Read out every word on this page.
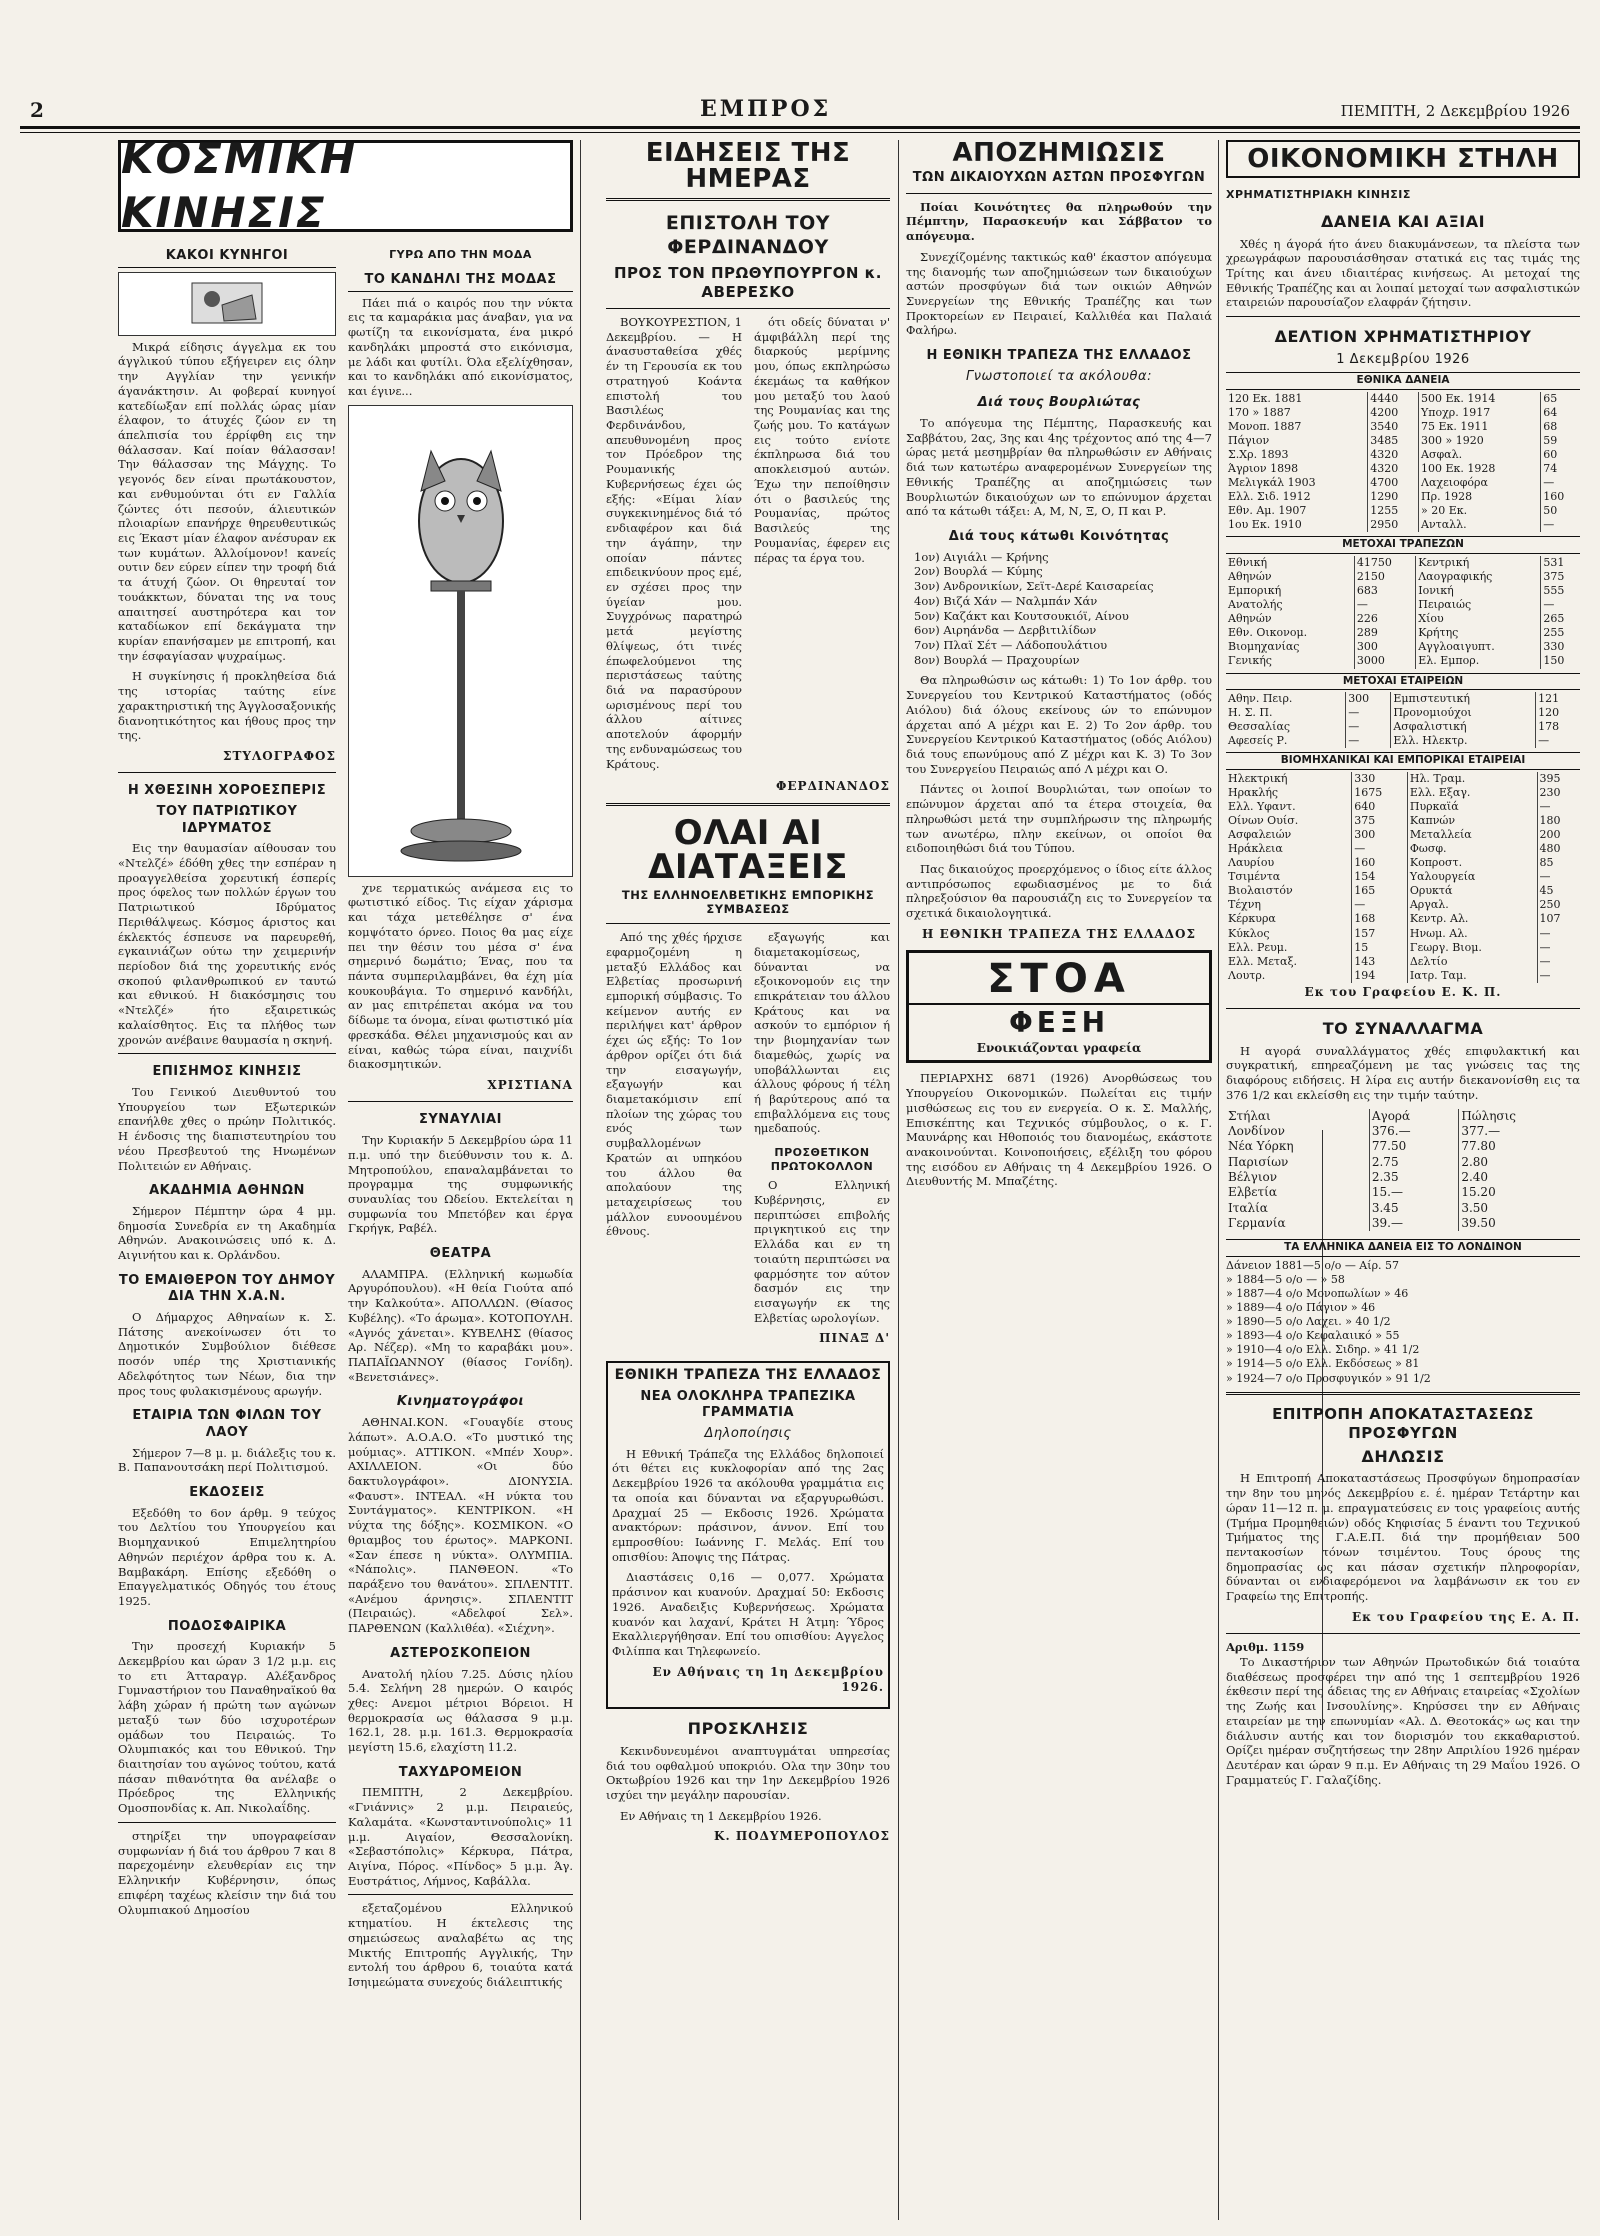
2	ΕΜΠΡΟΣ	ΠΕΜΠΤΗ, 2 Δεκεμβρίου 1926
ΚΟΣΜΙΚΗ ΚΙΝΗΣΙΣ
ΚΑΚΟΙ ΚΥΝΗΓΟΙ

Μικρά είδησις άγγελμα εκ του άγγλικού τύπου εξήγειρεν εις όλην την Αγγλίαν την γενικήν άγανάκτησιν. Αι φοβεραί κυνηγοί κατεδίωξαν επί πολλάς ώρας μίαν έλαφον, το άτυχές ζώον εν τη άπελπισία του έρρίφθη εις την θάλασσαν. Καί ποίαν θάλασσαν! Την θάλασσαν της Μάγχης. Το γεγονός δεν είναι πρωτάκουστον, και ενθυμούνται ότι εν Γαλλία ζώντες ότι πεσούν, άλιευτικών πλοιαρίων επανήρχε θηρευθευτικώς εις Έκαστ μίαν έλαφον ανέσυραν εκ των κυμάτων. Άλλοίμονον! κανείς ουτιν δεν εύρεν είπεν την τροφή διά τα άτυχή ζώον. Οι θηρευταί τον τουάκκτων, δύναται της να τους απαιτησεί αυστηρότερα και τον καταδίωκον επί δεκάγματα την κυρίαν επανήσαμεν με επιτροπή, και την έσφαγίασαν ψυχραίμως.

Η συγκίνησις ή προκληθείσα διά της ιστορίας ταύτης είνε χαρακτηριστική της Άγγλοσαξονικής διανοητικότητος και ήθους προς την της.

ΣΤΥΛΟΓΡΑΦΟΣ
Η ΧΘΕΣΙΝΗ ΧΟΡΟΕΣΠΕΡΙΣ
ΤΟΥ ΠΑΤΡΙΩΤΙΚΟΥ ΙΔΡΥΜΑΤΟΣ

Εις την θαυμασίαν αίθουσαν του «Ντελζέ» έδόθη χθες την εσπέραν η προαγγελθείσα χορευτική έσπερίς προς όφελος των πολλών έργων του Πατριωτικού Ιδρύματος Περιθάλψεως. Κόσμος άριστος και έκλεκτός έσπευσε να παρευρεθή, εγκαινιάζων ούτω την χειμερινήν περίοδον διά της χορευτικής ενός σκοπού φιλανθρωπικού εν ταυτώ και εθνικού. Η διακόσμησις του «Ντελζέ» ήτο εξαιρετικώς καλαίσθητος. Εις τα πλήθος των χρονών ανέβαινε θαυμασία η σκηνή.

ΕΠΙΣΗΜΟΣ ΚΙΝΗΣΙΣ

Του Γενικού Διευθυντού του Υπουργείου των Εξωτερικών επανήλθε χθες ο πρώην Πολιτικός. Η ένδοσις της διαπιστευτηρίου του νέου Πρεσβευτού της Ηνωμένων Πολιτειών εν Αθήναις.

ΑΚΑΔΗΜΙΑ ΑΘΗΝΩΝ

Σήμερον Πέμπτην ώρα 4 μμ. δημοσία Συνεδρία εν τη Ακαδημία Αθηνών. Ανακοινώσεις υπό κ. Δ. Αιγινήτου και κ. Ορλάνδου.

ΤΟ ΕΜΑΙΘΕΡΟΝ ΤΟΥ ΔΗΜΟΥ ΔΙΑ ΤΗΝ Χ.Α.Ν.

Ο Δήμαρχος Αθηναίων κ. Σ. Πάτσης ανεκοίνωσεν ότι το Δημοτικόν Συμβούλιον διέθεσε ποσόν υπέρ της Χριστιανικής Αδελφότητος των Νέων, δια την προς τους φυλακισμένους αρωγήν.

ΕΤΑΙΡΙΑ ΤΩΝ ΦΙΛΩΝ ΤΟΥ ΛΑΟΥ

Σήμερον 7—8 μ. μ. διάλεξις του κ. Β. Παπανουτσάκη περί Πολιτισμού.

ΕΚΔΟΣΕΙΣ

Εξεδόθη το 6ον άρθμ. 9 τεύχος του Δελτίου του Υπουργείου και Βιομηχανικού Επιμελητηρίου Αθηνών περιέχον άρθρα του κ. Α. Βαμβακάρη. Επίσης εξεδόθη ο Επαγγελματικός Οδηγός του έτους 1925.

ΠΟΔΟΣΦΑΙΡΙΚΑ

Την προσεχή Κυριακήν 5 Δεκεμβρίου και ώραν 3 1/2 μ.μ. εις το ετι Άτταραγρ. Αλέξανδρος Γυμναστήριον του Παναθηναϊκού θα λάβη χώραν ή πρώτη των αγώνων μεταξύ των δύο ισχυροτέρων ομάδων του Πειραιώς. Το Ολυμπιακός και του Εθνικού. Την διαιτησίαν του αγώνος τούτου, κατά πάσαν πιθανότητα θα ανέλαβε ο Πρόεδρος της Ελληνικής Ομοσπονδίας κ. Απ. Νικολαΐδης.

στηρίξει την υπογραφείσαν συμφωνίαν ή διά του άρθρου 7 και 8 παρεχομένην ελευθερίαν εις την Ελληνικήν Κυβέρνησιν, όπως επιφέρη ταχέως κλείσιν την διά του Ολυμπιακού Δημοσίου

ΓΥΡΩ ΑΠΟ ΤΗΝ ΜΟΔΑ
ΤΟ ΚΑΝΔΗΛΙ ΤΗΣ ΜΟΔΑΣ

Πάει πιά ο καιρός που την νύκτα εις τα καμαράκια μας άναβαν, για να φωτίζη τα εικονίσματα, ένα μικρό κανδηλάκι μπροστά στο εικόνισμα, με λάδι και φυτίλι. Όλα εξελίχθησαν, και το κανδηλάκι από εικονίσματος, και έγινε...

χνε τερματικώς ανάμεσα εις το φωτιστικό είδος. Τις είχαν χάρισμα και τάχα μετεθέλησε σ' ένα κομψότατο όρνεο. Ποιος θα μας είχε πει την θέσιν του μέσα σ' ένα σημερινό δωμάτιο; Ένας, που τα πάντα συμπεριλαμβάνει, θα έχη μία κουκουβάγια. Το σημερινό κανδήλι, αν μας επιτρέπεται ακόμα να του δίδωμε τα όνομα, είναι φωτιστικό μία φρεσκάδα. Θέλει μηχανισμούς και αν είναι, καθώς τώρα είναι, παιχνίδι διακοσμητικών.

ΧΡΙΣΤΙΑΝΑ
ΣΥΝΑΥΛΙΑΙ

Την Κυριακήν 5 Δεκεμβρίου ώρα 11 π.μ. υπό την διεύθυνσιν του κ. Δ. Μητροπούλου, επαναλαμβάνεται το προγραμμα της συμφωνικής συναυλίας του Ωδείου. Εκτελείται η συμφωνία του Μπετόβεν και έργα Γκρήγκ, Ραβέλ.

ΘΕΑΤΡΑ

ΑΛΑΜΠΡΑ. (Ελληνική κωμωδία Αργυρόπουλου). «Η θεία Γιούτα από την Καλκούτα». ΑΠΟΛΛΩΝ. (Θίασος Κυβέλης). «Το άρωμα». ΚΟΤΟΠΟΥΛΗ. «Αγνός χάνεται». ΚΥΒΕΛΗΣ (θίασος Αρ. Νέζερ). «Μη το καραβάκι μου». ΠΑΠΑΪΩΑΝΝΟΥ (θίασος Γονίδη). «Βενετσιάνες».

Κινηματογράφοι

ΑΘΗΝΑΙ.ΚΟΝ. «Γουαγδίε στους λάπωτ». Α.Ο.Α.Ο. «Το μυστικό της μούμιας». ΑΤΤΙΚΟΝ. «Μπέν Χουρ». ΑΧΙΛΛΕΙΟΝ. «Οι δύο δακτυλογράφοι». ΔΙΟΝΥΣΙΑ. «Φαυστ». ΙΝΤΕΑΛ. «Η νύκτα του Συντάγματος». ΚΕΝΤΡΙΚΟΝ. «Η νύχτα της δόξης». ΚΟΣΜΙΚΟΝ. «Ο θριαμβος του έρωτος». ΜΑΡΚΟΝΙ. «Σαν έπεσε η νύκτα». ΟΛΥΜΠΙΑ. «Νάπολις». ΠΑΝΘΕΟΝ. «Το παράξενο του θανάτου». ΣΠΛΕΝΤΙΤ. «Ανέμου άρνησις». ΣΠΛΕΝΤΙΤ (Πειραιώς). «Αδελφοί Σελ». ΠΑΡΘΕΝΩΝ (Καλλιθέα). «Σιέχνη».

ΑΣΤΕΡΟΣΚΟΠΕΙΟΝ

Ανατολή ηλίου 7.25. Δύσις ηλίου 5.4. Σελήνη 28 ημερών. Ο καιρός χθες: Ανεμοι μέτριοι Βόρειοι. Η θερμοκρασία ως θάλασσα 9 μ.μ. 162.1, 28. μ.μ. 161.3. Θερμοκρασία μεγίστη 15.6, ελαχίστη 11.2.

ΤΑΧΥΔΡΟΜΕΙΟΝ

ΠΕΜΠΤΗ, 2 Δεκεμβρίου. «Γνιάννις» 2 μ.μ. Πειραιεύς, Καλαμάτα. «Κωνσταντινούπολις» 11 μ.μ. Αιγαίον, Θεσσαλονίκη. «Σεβαστόπολις» Κέρκυρα, Πάτρα, Αιγίνα, Πόρος. «Πίνδος» 5 μ.μ. Άγ. Ευστράτιος, Λήμνος, Καβάλλα.

εξεταζομένου Ελληνικού κτηματίου. Η έκτελεσις της σημειώσεως αναλαβέτω ας της Μικτής Επιτροπής Αγγλικής, Την εντολή του άρθρου 6, τοιαύτα κατά Ισηιμεώματα συνεχούς διάλειπτικής

ΕΙΔΗΣΕΙΣ ΤΗΣ ΗΜΕΡΑΣ
ΕΠΙΣΤΟΛΗ ΤΟΥ ΦΕΡΔΙΝΑΝΔΟΥ
ΠΡΟΣ ΤΟΝ ΠΡΩΘΥΠΟΥΡΓΟΝ κ. ΑΒΕΡΕΣΚΟ

ΒΟΥΚΟΥΡΕΣΤΙΟΝ, 1 Δεκεμβρίου. — Η άνασυσταθείσα χθές έν τη Γερουσία εκ του στρατηγού Κοάντα επιστολή του Βασιλέως Φερδινάνδου, απευθυνομένη προς τον Πρόεδρον της Ρουμανικής Κυβερνήσεως έχει ώς εξής: «Είμαι λίαν συγκεκινημένος διά τό ενδιαφέρον και διά την άγάπην, την οποίαν πάντες επιδεικνύουν προς εμέ, εν σχέσει προς την ύγείαν μου. Συγχρόνως παρατηρώ μετά μεγίστης θλίψεως, ότι τινές έπωφελούμενοι της περιστάσεως ταύτης διά να παρασύρουν ωρισμένους περί του άλλου αίτινες αποτελούν άφορμήν της ενδυναμώσεως του Κράτους.

ότι οδείς δύναται ν' άμφιβάλλη περί της διαρκούς μερίμνης μου, όπως εκπληρώσω έκεμάως τα καθήκον μου μεταξύ του λαού της Ρουμανίας και της ζωής μου. Το κατάγων εις τούτο ενίοτε έκπληρωσα διά του αποκλεισμού αυτών. Έχω την πεποίθησιν ότι ο βασιλεύς της Ρουμανίας, πρώτος Βασιλεύς της Ρουμανίας, έφερεν εις πέρας τα έργα του.

ΦΕΡΔΙΝΑΝΔΟΣ
ΟΛΑΙ ΑΙ ΔΙΑΤΑΞΕΙΣ
ΤΗΣ ΕΛΛΗΝΟΕΛΒΕΤΙΚΗΣ ΕΜΠΟΡΙΚΗΣ ΣΥΜΒΑΣΕΩΣ

Από της χθές ήρχισε εφαρμοζομένη η μεταξύ Ελλάδος και Ελβετίας προσωρινή εμπορική σύμβασις. Το κείμενον αυτής εν περιλήψει κατ' άρθρον έχει ώς εξής: Το 1ον άρθρον ορίζει ότι διά την εισαγωγήν, εξαγωγήν και διαμετακόμισιν επί πλοίων της χώρας του ενός των συμβαλλομένων Κρατών αι υπηκόου του άλλου θα απολαύουν της μεταχειρίσεως του μάλλον ευνοουμένου έθνους.

εξαγωγής και διαμετακομίσεως, δύνανται να εξοικονομούν εις την επικράτειαν του άλλου Κράτους και να ασκούν το εμπόριον ή την βιομηχανίαν των διαμεθώς, χωρίς να υποβάλλωνται εις άλλους φόρους ή τέλη ή βαρύτερους από τα επιβαλλόμενα εις τους ημεδαπούς.

ΠΡΟΣΘΕΤΙΚΟΝ ΠΡΩΤΟΚΟΛΛΟΝ

Ο Ελληνική Κυβέρνησις, εν περιπτώσει επιβολής πριγκητικού εις την Ελλάδα και εν τη τοιαύτη περιπτώσει να φαρμόσητε τον αύτον δασμόν εις την εισαγωγήν εκ της Ελβετίας ωρολογίων.

ΠΙΝΑΞ Δ'
ΕΘΝΙΚΗ ΤΡΑΠΕΖΑ ΤΗΣ ΕΛΛΑΔΟΣ
ΝΕΑ ΟΛΟΚΛΗΡΑ ΤΡΑΠΕΖΙΚΑ ΓΡΑΜΜΑΤΙΑ
Δηλοποίησις

Η Εθνική Τράπεζα της Ελλάδος δηλοποιεί ότι θέτει εις κυκλοφορίαν από της 2ας Δεκεμβρίου 1926 τα ακόλουθα γραμμάτια εις τα οποία και δύνανται να εξαργυρωθώσι. Δραχμαί 25 — Εκδοσις 1926. Χρώματα ανακτόρων: πράσινον, άννον. Επί του εμπροσθίου: Ιωάννης Γ. Μελάς. Επί του οπισθίου: Άποψις της Πάτρας.

Διαστάσεις 0,16 — 0,077. Χρώματα πράσινον και κυανούν. Δραχμαί 50: Εκδοσις 1926. Αναδειξις Κυβερνήσεως. Χρώματα κυανόν και λαχανί, Κράτει Η Άτμη: Ύδρος Εκαλλιεργήθησαν. Επί του οπισθίου: Αγγελος Φιλίππα και Τηλεφωνείο.

Εν Αθήναις τη 1η Δεκεμβρίου 1926.
ΠΡΟΣΚΛΗΣΙΣ

Κεκινδυνευμένοι αναπτυγμάται υπηρεσίας διά του οφθαλμού υποκριόυ. Ολα την 30ην του Οκτωβρίου 1926 και την 1ην Δεκεμβρίου 1926 ισχύει την μεγάλην παρουσίαν.

Εν Αθήναις τη 1 Δεκεμβρίου 1926.

Κ. ΠΟΔΥΜΕΡΟΠΟΥΛΟΣ
ΑΠΟΖΗΜΙΩΣΙΣ
ΤΩΝ ΔΙΚΑΙΟΥΧΩΝ ΑΣΤΩΝ ΠΡΟΣΦΥΓΩΝ

Ποίαι Κοινότητες θα πληρωθούν την Πέμπτην, Παρασκευήν και Σάββατον το απόγευμα.

Συνεχίζομένης τακτικώς καθ' έκαστον απόγευμα της διανομής των αποζημιώσεων των δικαιούχων αστών προσφύγων διά των οικιών Αθηνών Συνεργείων της Εθνικής Τραπέζης και των Προκτορείων εν Πειραιεί, Καλλιθέα και Παλαιά Φαλήρω.

Η ΕΘΝΙΚΗ ΤΡΑΠΕΖΑ ΤΗΣ ΕΛΛΑΔΟΣ
Γνωστοποιεί τα ακόλουθα:
Διά τους Βουρλιώτας

Το απόγευμα της Πέμπτης, Παρασκευής και Σαββάτου, 2ας, 3ης και 4ης τρέχοντος από της 4—7 ώρας μετά μεσημβρίαν θα πληρωθώσιν εν Αθήναις διά των κατωτέρω αναφερομένων Συνεργείων της Εθνικής Τραπέζης αι αποζημιώσεις των Βουρλιωτών δικαιούχων ων το επώνυμον άρχεται από τα κάτωθι τάξει: Α, Μ, Ν, Ξ, Ο, Π και Ρ.

Διά τους κάτωθι Κοινότητας
1ον) Αιγιάλι — Κρήνης
2ον) Βουρλά — Κύμης
3ον) Ανδρονικίων, Σεϊτ-Δερέ Καισαρείας
4ον) Βιζά Χάν — Ναλμπάν Χάν
5ον) Καζάκτ και Κουτσουκιόϊ, Αίνου
6ον) Αιρηάνδα — Δερβιτιλίδων
7ον) Πλαϊ Σέτ — Λάδοπουλάτιου
8ον) Βουρλά — Πραχουρίων

Θα πληρωθώσιν ως κάτωθι: 1) Το 1ον άρθρ. του Συνεργείου του Κεντρικού Καταστήματος (οδός Αιόλου) διά όλους εκείνους ών το επώνυμον άρχεται από Α μέχρι και Ε. 2) Το 2ον άρθρ. του Συνεργείου Κεντρικού Καταστήματος (οδός Αιόλου) διά τους επωνύμους από Ζ μέχρι και Κ. 3) Το 3ον του Συνεργείου Πειραιώς από Λ μέχρι και Ο.

Πάντες οι λοιποί Βουρλιώται, των οποίων το επώνυμον άρχεται από τα έτερα στοιχεία, θα πληρωθώσι μετά την συμπλήρωσιν της πληρωμής των ανωτέρω, πλην εκείνων, οι οποίοι θα ειδοποιηθώσι διά του Τύπου.

Πας δικαιούχος προερχόμενος ο ίδιος είτε άλλος αντιπρόσωπος εφωδιασμένος με το διά πληρεξούσιον θα παρουσιάζη εις το Συνεργείον τα σχετικά δικαιολογητικά.

Η ΕΘΝΙΚΗ ΤΡΑΠΕΖΑ ΤΗΣ ΕΛΛΑΔΟΣ
ΣΤΟΑ
ΦΕΞΗ
Ενοικιάζονται γραφεία

ΠΕΡΙΑΡΧΗΣ 6871 (1926) Ανορθώσεως του Υπουργείου Οικονομικών. Πωλείται εις τιμήν μισθώσεως εις του εν ενεργεία. Ο κ. Σ. Μαλλής, Επισκέπτης και Τεχνικός σύμβουλος, ο κ. Γ. Μαυνάρης και Ηθοποιός του διανομέως, εκάστοτε ανακοινούνται. Κοινοποιήσεις, εξέλιξη του φόρου της εισόδου εν Αθήναις τη 4 Δεκεμβρίου 1926. Ο Διευθυντής Μ. Μπαζέτης.

ΟΙΚΟΝΟΜΙΚΗ ΣΤΗΛΗ
ΧΡΗΜΑΤΙΣΤΗΡΙΑΚΗ ΚΙΝΗΣΙΣ
ΔΑΝΕΙΑ ΚΑΙ ΑΞΙΑΙ

Χθές η άγορά ήτο άνευ διακυμάνσεων, τα πλείστα των χρεωγράφων παρουσιάσθησαν στατικά εις τας τιμάς της Τρίτης και άνευ ιδιαιτέρας κινήσεως. Αι μετοχαί της Εθνικής Τραπέζης και αι λοιπαί μετοχαί των ασφαλιστικών εταιρειών παρουσίαζον ελαφράν ζήτησιν.

ΔΕΛΤΙΟΝ ΧΡΗΜΑΤΙΣΤΗΡΙΟΥ
1 Δεκεμβρίου 1926
ΕΘΝΙΚΑ ΔΑΝΕΙΑ
120 Εκ. 1881	4440	500 Εκ. 1914	65
170 » 1887	4200	Υποχρ. 1917	64
Μονοπ. 1887	3540	75 Εκ. 1911	68
Πάγιον	3485	300 » 1920	59
Σ.Χρ. 1893	4320	Ασφαλ.	60
Άγριον 1898	4320	100 Εκ. 1928	74
Μελιγκάλ 1903	4700	Λαχειοφόρα	—
Ελλ. Σιδ. 1912	1290	Πρ. 1928	160
Εθν. Αμ. 1907	1255	» 20 Εκ.	50
1ου Εκ. 1910	2950	Ανταλλ.	—
ΜΕΤΟΧΑΙ ΤΡΑΠΕΖΩΝ
Εθνική	41750	Κεντρική	531
Αθηνών	2150	Λαογραφικής	375
Εμπορική	683	Ιονική	555
Ανατολής	—	Πειραιώς	—
Αθηνών	226	Χίου	265
Εθν. Οικονομ.	289	Κρήτης	255
Βιομηχανίας	300	Αγγλοαιγυπτ.	330
Γενικής	3000	Ελ. Εμπορ.	150
ΜΕΤΟΧΑΙ ΕΤΑΙΡΕΙΩΝ
Αθην. Πειρ.	300	Εμπιστευτική	121
Η. Σ. Π.	—	Προνομιούχοι	120
Θεσσαλίας	—	Ασφαλιστική	178
Αφεσείς Ρ.	—	Ελλ. Ηλεκτρ.	—
ΒΙΟΜΗΧΑΝΙΚΑΙ ΚΑΙ ΕΜΠΟΡΙΚΑΙ ΕΤΑΙΡΕΙΑΙ
Ηλεκτρική	330	Ηλ. Τραμ.	395
Ηρακλής	1675	Ελλ. Εξαγ.	230
Ελλ. Υφαντ.	640	Πυρκαϊά	—
Οίνων Ουίσ.	375	Καπνών	180
Ασφαλειών	300	Μεταλλεία	200
Ηράκλεια	—	Φωσφ.	480
Λαυρίου	160	Κοπροστ.	85
Τσιμέντα	154	Υαλουργεία	—
Βιολαιστόν	165	Ορυκτά	45
Τέχνη	—	Αργαλ.	250
Κέρκυρα	168	Κεντρ. Αλ.	107
Κύκλος	157	Ηνωμ. Αλ.	—
Ελλ. Ρευμ.	15	Γεωργ. Βιομ.	—
Ελλ. Μεταξ.	143	Δελτίο	—
Λουτρ.	194	Ιατρ. Ταμ.	—
Εκ του Γραφείου Ε. Κ. Π.
ΤΟ ΣΥΝΑΛΛΑΓΜΑ

Η αγορά συναλλάγματος χθές επιφυλακτική και συγκρατική, επηρεαζόμενη με τας γνώσεις τας της διαφόρους ειδήσεις. Η λίρα εις αυτήν διεκανονίσθη εις τα 376 1/2 και εκλείσθη εις την τιμήν ταύτην.

Στήλαι	Αγορά	Πώλησις
Λονδίνον	376.—	377.—
Νέα Υόρκη	77.50	77.80
Παρισίων	2.75	2.80
Βέλγιον	2.35	2.40
Ελβετία	15.—	15.20
Ιταλία	3.45	3.50
Γερμανία	39.—	39.50
ΤΑ ΕΛΛΗΝΙΚΑ ΔΑΝΕΙΑ ΕΙΣ ΤΟ ΛΟΝΔΙΝΟΝ
Δάνειον 1881—5 ο/ο — Αίρ. 57
» 1884—5 ο/ο — » 58
» 1887—4 ο/ο Μονοπωλίων » 46
» 1889—4 ο/ο Πάγιον » 46
» 1890—5 ο/ο Λαχει. » 40 1/2
» 1893—4 ο/ο Κεφαλαιικό » 55
» 1910—4 ο/ο Ελλ. Σιδηρ. » 41 1/2
» 1914—5 ο/ο Ελλ. Εκδόσεως » 81
» 1924—7 ο/ο Προσφυγικόν » 91 1/2
ΕΠΙΤΡΟΠΗ ΑΠΟΚΑΤΑΣΤΑΣΕΩΣ ΠΡΟΣΦΥΓΩΝ
ΔΗΛΩΣΙΣ

Η Επιτροπή Αποκαταστάσεως Προσφύγων δημοπρασίαν την 8ην του μηνός Δεκεμβρίου ε. έ. ημέραν Τετάρτην και ώραν 11—12 π. μ. επραγματεύσεις εν τοις γραφείοις αυτής (Τμήμα Προμηθειών) οδός Κηφισίας 5 έναντι του Τεχνικού Τμήματος της Γ.Α.Ε.Π. διά την προμήθειαν 500 πεντακοσίων τόνων τσιμέντου. Τους όρους της δημοπρασίας ως και πάσαν σχετικήν πληροφορίαν, δύνανται οι ενδιαφερόμενοι να λαμβάνωσιν εκ του εν Γραφείω της Επιτροπής.

Εκ του Γραφείου της Ε. Α. Π.
Αριθμ. 1159

Το Δικαστήριον των Αθηνών Πρωτοδικών διά τοιαύτα διαθέσεως προσφέρει την από της 1 σεπτεμβρίου 1926 έκθεσιν περί της άδειας της εν Αθήναις εταιρείας «Σχολίων της Ζωής και Ινσουλίνης». Κηρύσσει την εν Αθήναις εταιρείαν με την επωνυμίαν «Αλ. Δ. Θεοτοκάς» ως και την διάλυσιν αυτής και τον διορισμόν του εκκαθαριστού. Ορίζει ημέραν συζητήσεως την 28ην Απριλίου 1926 ημέραν Δευτέραν και ώραν 9 π.μ. Εν Αθήναις τη 29 Μαΐου 1926. Ο Γραμματεύς Γ. Γαλαζίδης.
